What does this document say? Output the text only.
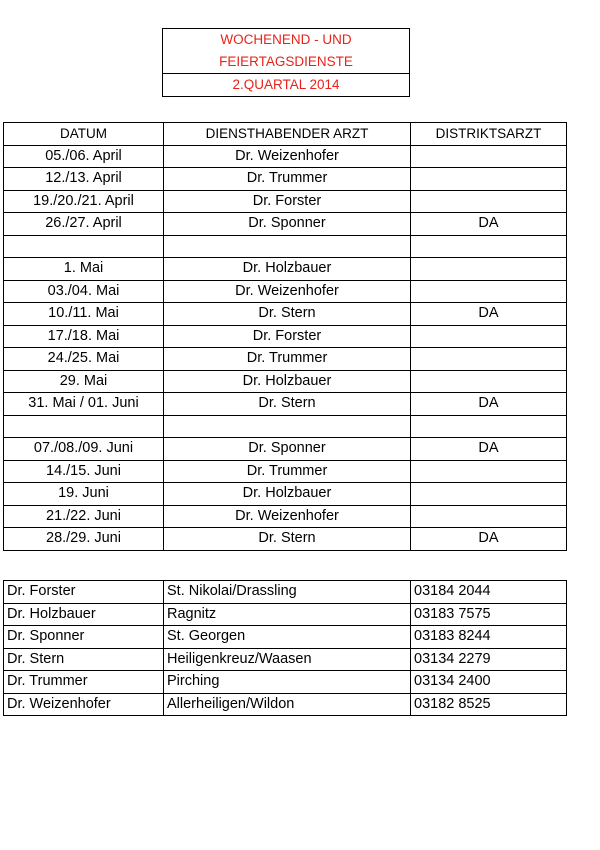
WOCHENEND - UND
FEIERTAGSDIENSTE
2.QUARTAL 2014
DATUM	DIENSTHABENDER ARZT	DISTRIKTSARZT
05./06. April	Dr. Weizenhofer	
12./13. April	Dr. Trummer	
19./20./21. April	Dr. Forster	
26./27. April	Dr. Sponner	DA

1. Mai	Dr. Holzbauer	
03./04. Mai	Dr. Weizenhofer	
10./11. Mai	Dr. Stern	DA
17./18. Mai	Dr. Forster	
24./25. Mai	Dr. Trummer	
29. Mai	Dr. Holzbauer	
31. Mai / 01. Juni	Dr. Stern	DA

07./08./09. Juni	Dr. Sponner	DA
14./15. Juni	Dr. Trummer	
19. Juni	Dr. Holzbauer	
21./22. Juni	Dr. Weizenhofer	
28./29. Juni	Dr. Stern	DA
Dr. Forster	St. Nikolai/Drassling	03184 2044
Dr. Holzbauer	Ragnitz	03183 7575
Dr. Sponner	St. Georgen	03183 8244
Dr. Stern	Heiligenkreuz/Waasen	03134 2279
Dr. Trummer	Pirching	03134 2400
Dr. Weizenhofer	Allerheiligen/Wildon	03182 8525
